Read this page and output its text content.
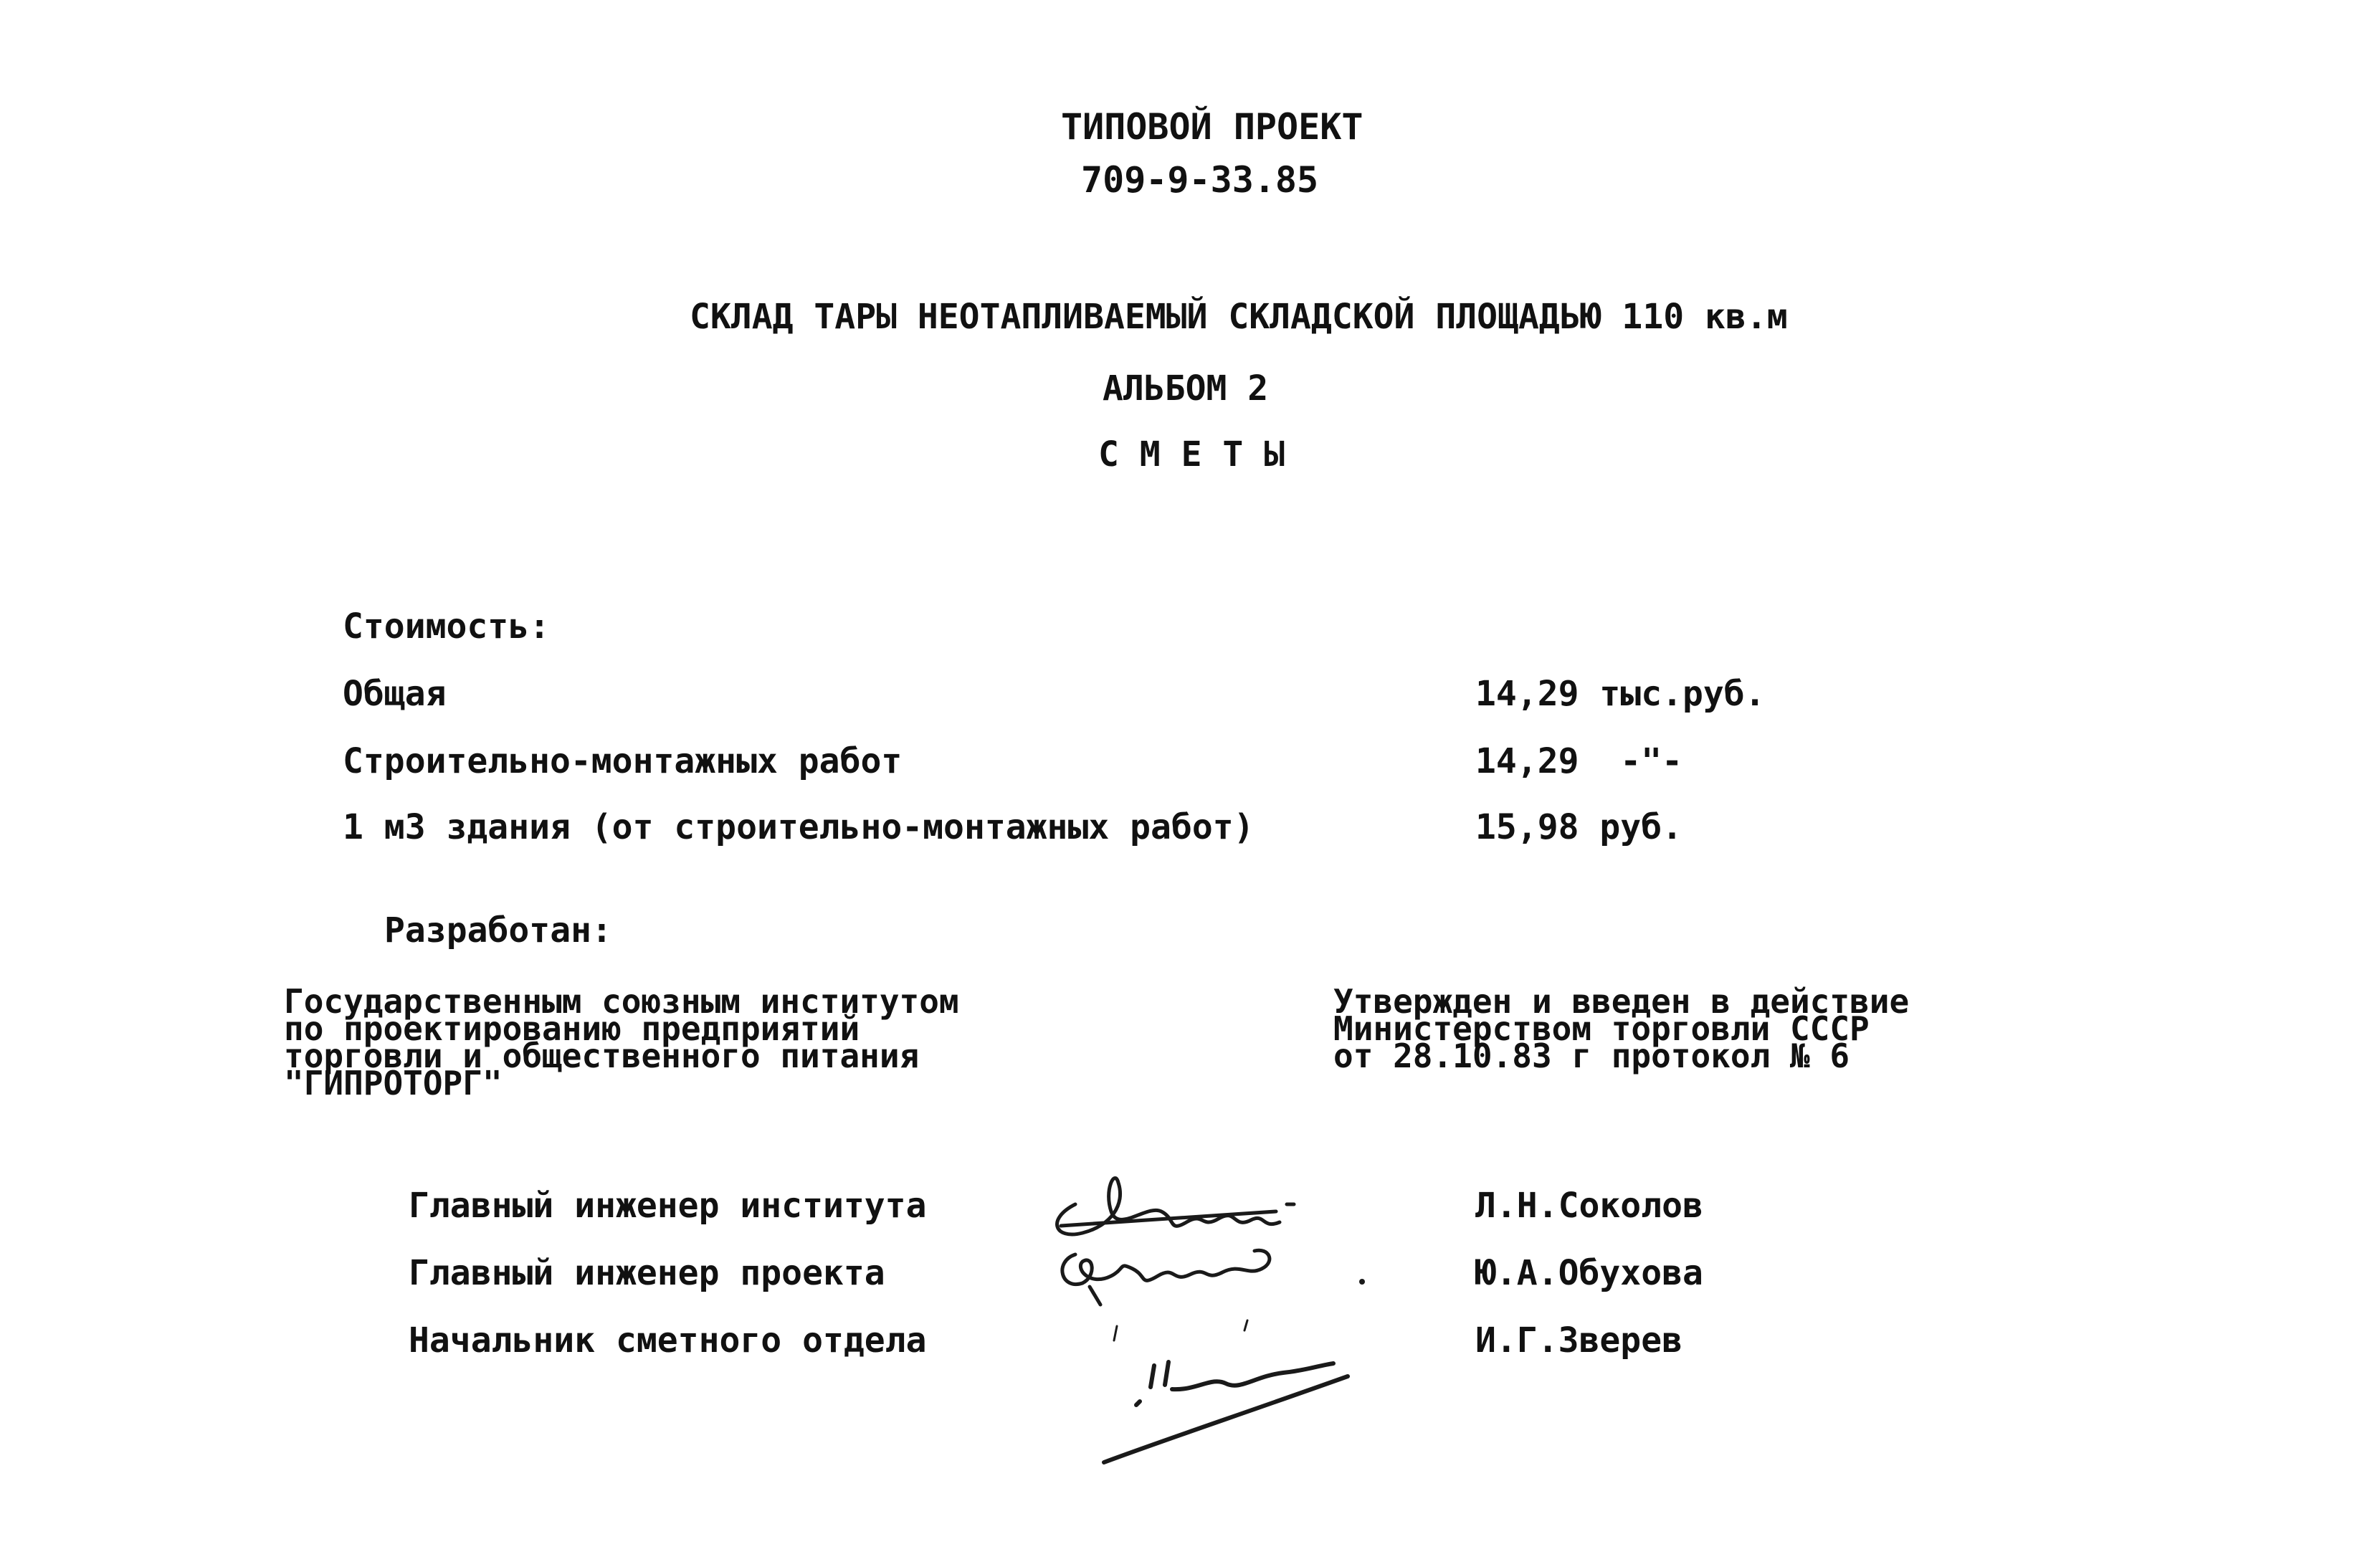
ТИПОВОЙ ПРОЕКТ
709-9-33.85
СКЛАД ТАРЫ НЕОТАПЛИВАЕМЫЙ СКЛАДСКОЙ ПЛОЩАДЬЮ 110 кв.м
АЛЬБОМ 2
С М Е Т Ы
Стоимость:
Общая	14,29 тыс.руб.
Строительно-монтажных работ	14,29  -"-
1 м3 здания (от строительно-монтажных работ)	15,98 руб.
Разработан:
Государственным союзным институтом
по проектированию предприятий
торговли и общественного питания
"ГИПРОТОРГ"
Утвержден и введен в действие
Министерством торговли СССР
от 28.10.83 г протокол № 6
Главный инженер института	Л.Н.Соколов
Главный инженер проекта	Ю.А.Обухова
Начальник сметного отдела	И.Г.Зверев
